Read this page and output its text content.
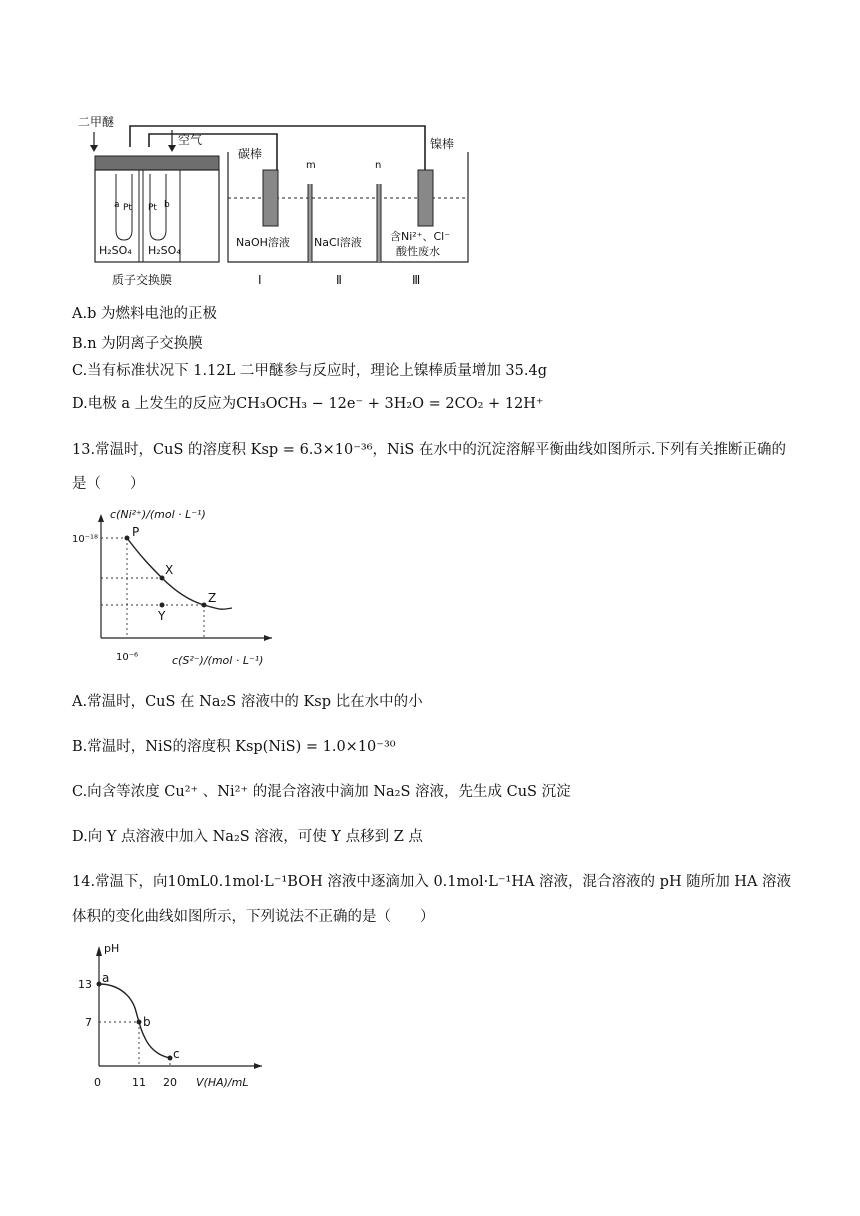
二甲醚
空气
a Pt Pt b
H₂SO₄ H₂SO₄
质子交换膜
m	n
碳棒
镍棒
NaOH溶液 NaCl溶液	含Ni²⁺、Cl⁻
酸性废水
Ⅰ	Ⅱ	Ⅲ
A.b 为燃料电池的正极
B.n 为阴离子交换膜
C.当有标准状况下 1.12L 二甲醚参与反应时，理论上镍棒质量增加 35.4g
D.电极 a 上发生的反应为CH₃OCH₃ − 12e⁻ + 3H₂O = 2CO₂ + 12H⁺
13.常温时，CuS 的溶度积 Ksp = 6.3×10⁻³⁶，NiS 在水中的沉淀溶解平衡曲线如图所示.下列有关推断正确的
是（　　）
P
X
Z
Y
c(Ni²⁺)/(mol · L⁻¹)
10⁻¹⁸
10⁻⁶	c(S²⁻)/(mol · L⁻¹)
A.常温时，CuS 在 Na₂S 溶液中的 Ksp 比在水中的小
B.常温时，NiS的溶度积 Ksp(NiS) = 1.0×10⁻³⁰
C.向含等浓度 Cu²⁺ 、Ni²⁺ 的混合溶液中滴加 Na₂S 溶液，先生成 CuS 沉淀
D.向 Y 点溶液中加入 Na₂S 溶液，可使 Y 点移到 Z 点
14.常温下，向10mL0.1mol·L⁻¹BOH 溶液中逐滴加入 0.1mol·L⁻¹HA 溶液，混合溶液的 pH 随所加 HA 溶液
体积的变化曲线如图所示，下列说法不正确的是（　　）
a
b
c
pH
13
7
0	11 20 V(HA)/mL
